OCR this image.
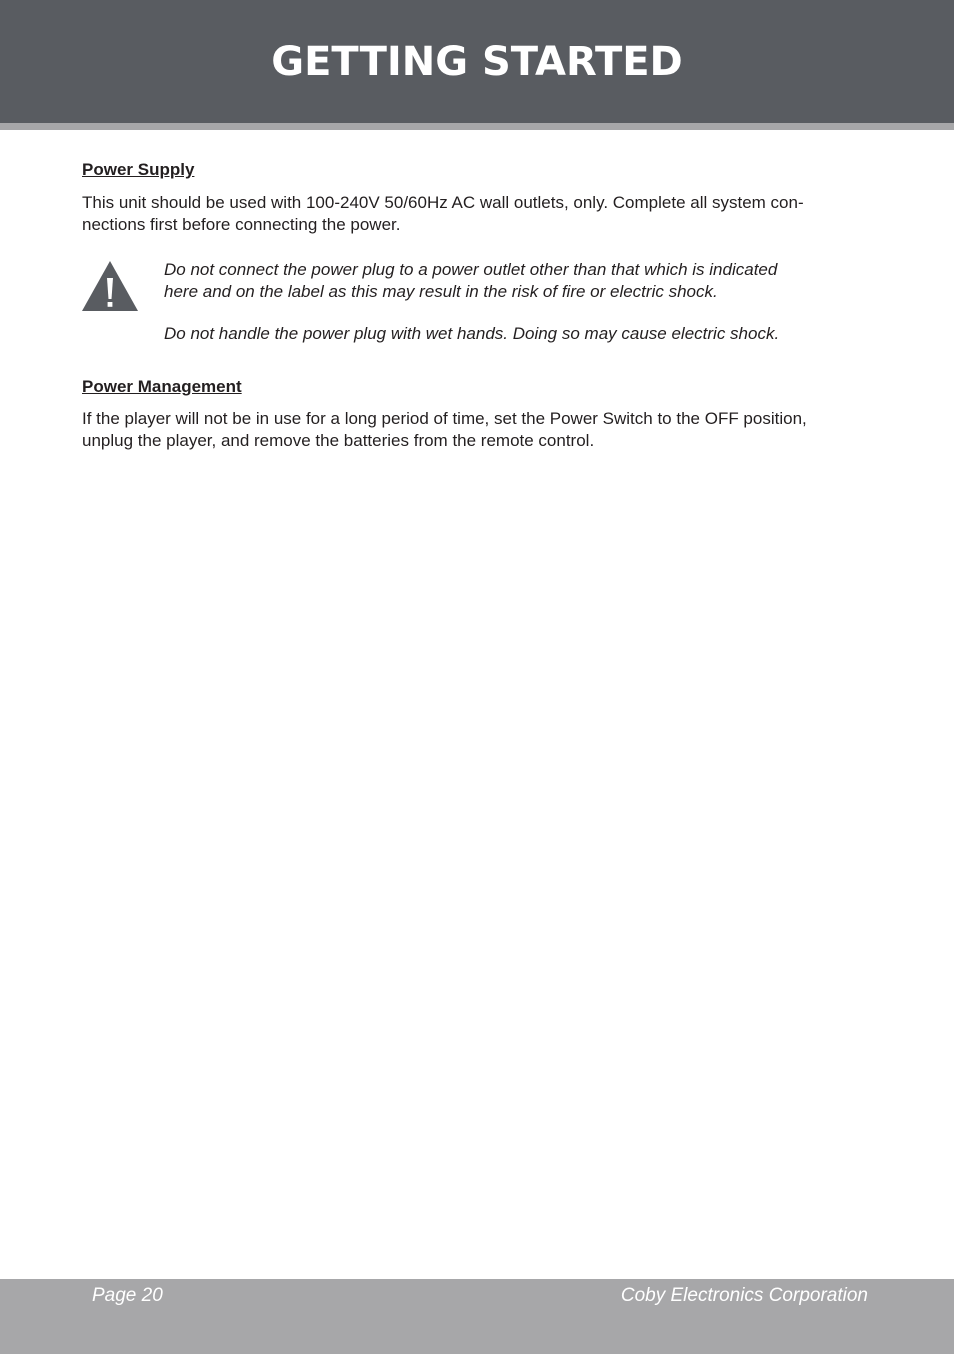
GETTING STARTED
Power Supply
This unit should be used with 100-240V 50/60Hz AC wall outlets, only. Complete all system con-
nections first before connecting the power.
Do not connect the power plug to a power outlet other than that which is indicated
here and on the label as this may result in the risk of fire or electric shock.
Do not handle the power plug with wet hands. Doing so may cause electric shock.
Power Management
If the player will not be in use for a long period of time, set the Power Switch to the OFF position,
unplug the player, and remove the batteries from the remote control.
Page 20	Coby Electronics Corporation
